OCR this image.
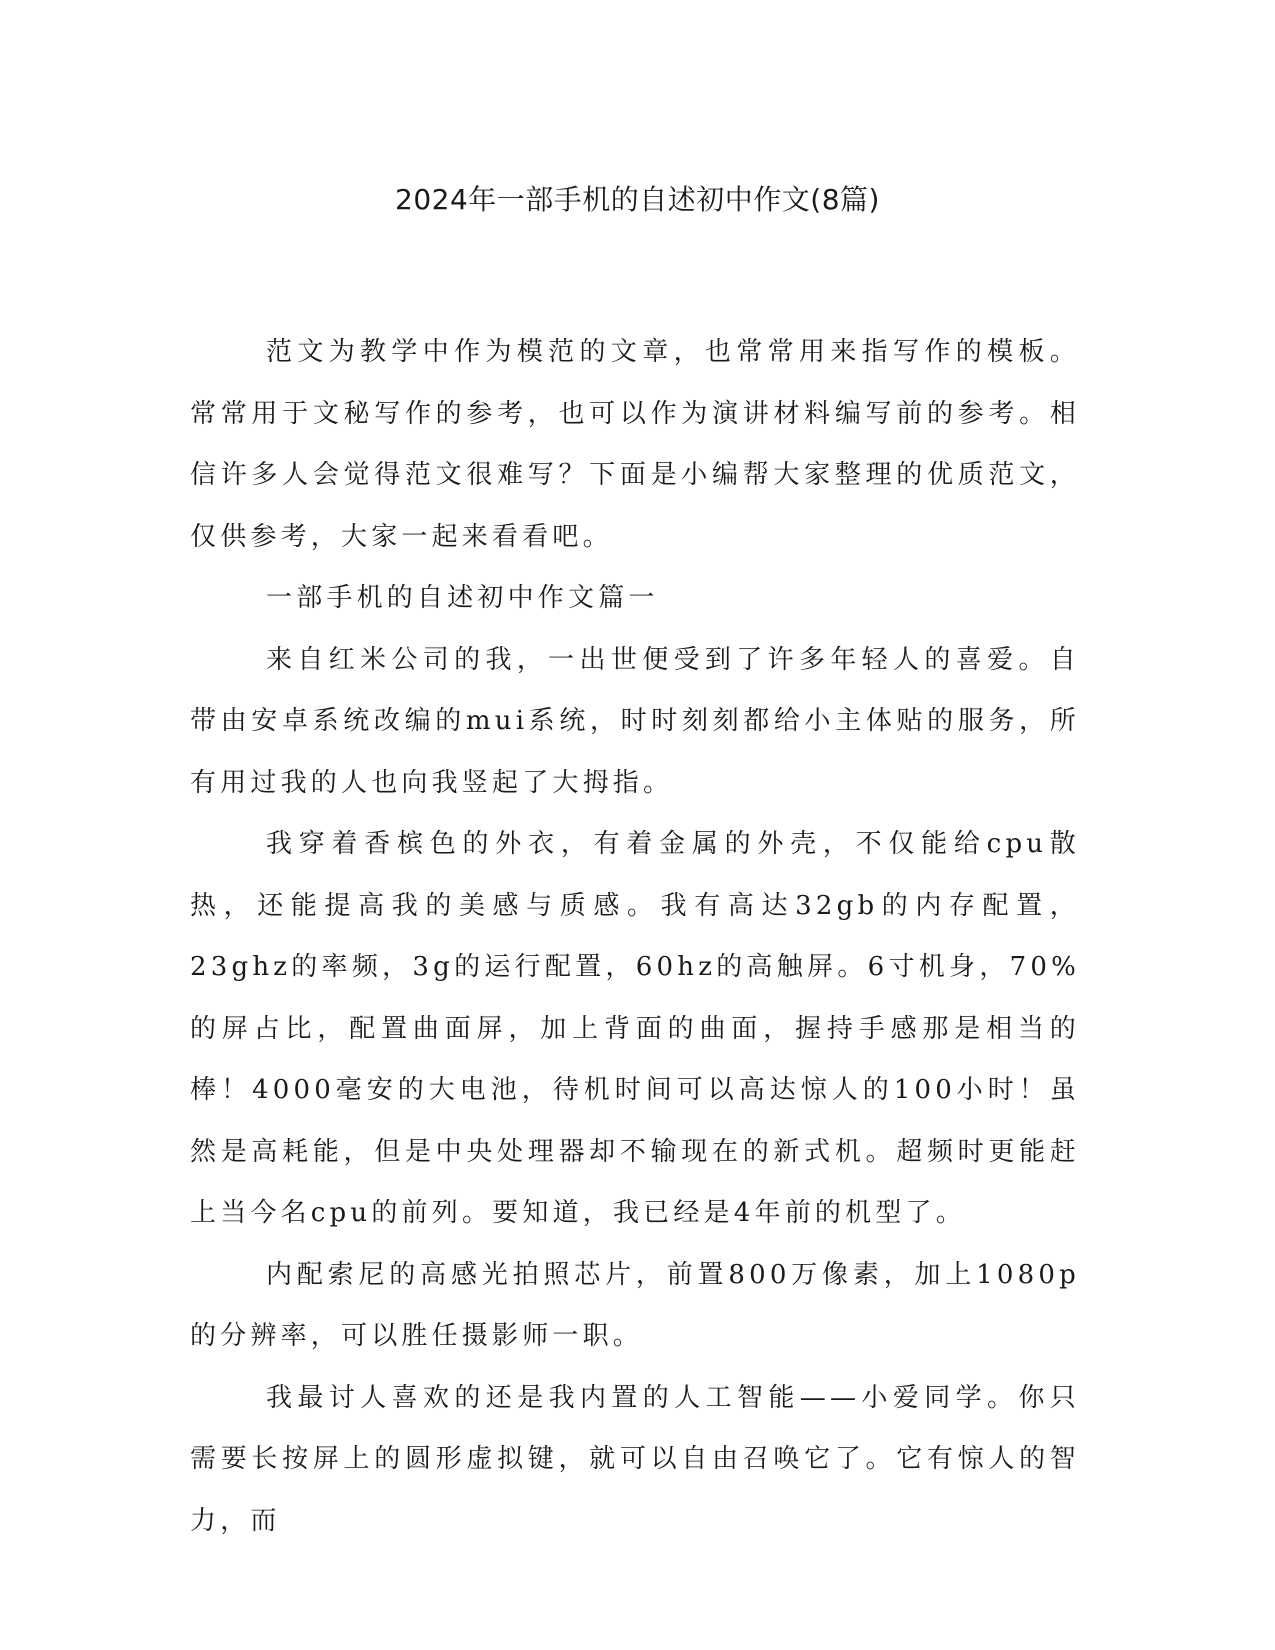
2024年一部手机的自述初中作文(8篇)

范文为教学中作为模范的文章，也常常用来指写作的模板。常常用于文秘写作的参考，也可以作为演讲材料编写前的参考。相信许多人会觉得范文很难写？下面是小编帮大家整理的优质范文，仅供参考，大家一起来看看吧。

一部手机的自述初中作文篇一

来自红米公司的我，一出世便受到了许多年轻人的喜爱。自带由安卓系统改编的mui系统，时时刻刻都给小主体贴的服务，所有用过我的人也向我竖起了大拇指。

我穿着香槟色的外衣，有着金属的外壳，不仅能给cpu散热，还能提高我的美感与质感。我有高达32gb的内存配置，23ghz的率频，3g的运行配置，60hz的高触屏。6寸机身，70%的屏占比，配置曲面屏，加上背面的曲面，握持手感那是相当的棒！4000毫安的大电池，待机时间可以高达惊人的100小时！虽然是高耗能，但是中央处理器却不输现在的新式机。超频时更能赶上当今名cpu的前列。要知道，我已经是4年前的机型了。

内配索尼的高感光拍照芯片，前置800万像素，加上1080p的分辨率，可以胜任摄影师一职。

我最讨人喜欢的还是我内置的人工智能——小爱同学。你只需要长按屏上的圆形虚拟键，就可以自由召唤它了。它有惊人的智力，而
